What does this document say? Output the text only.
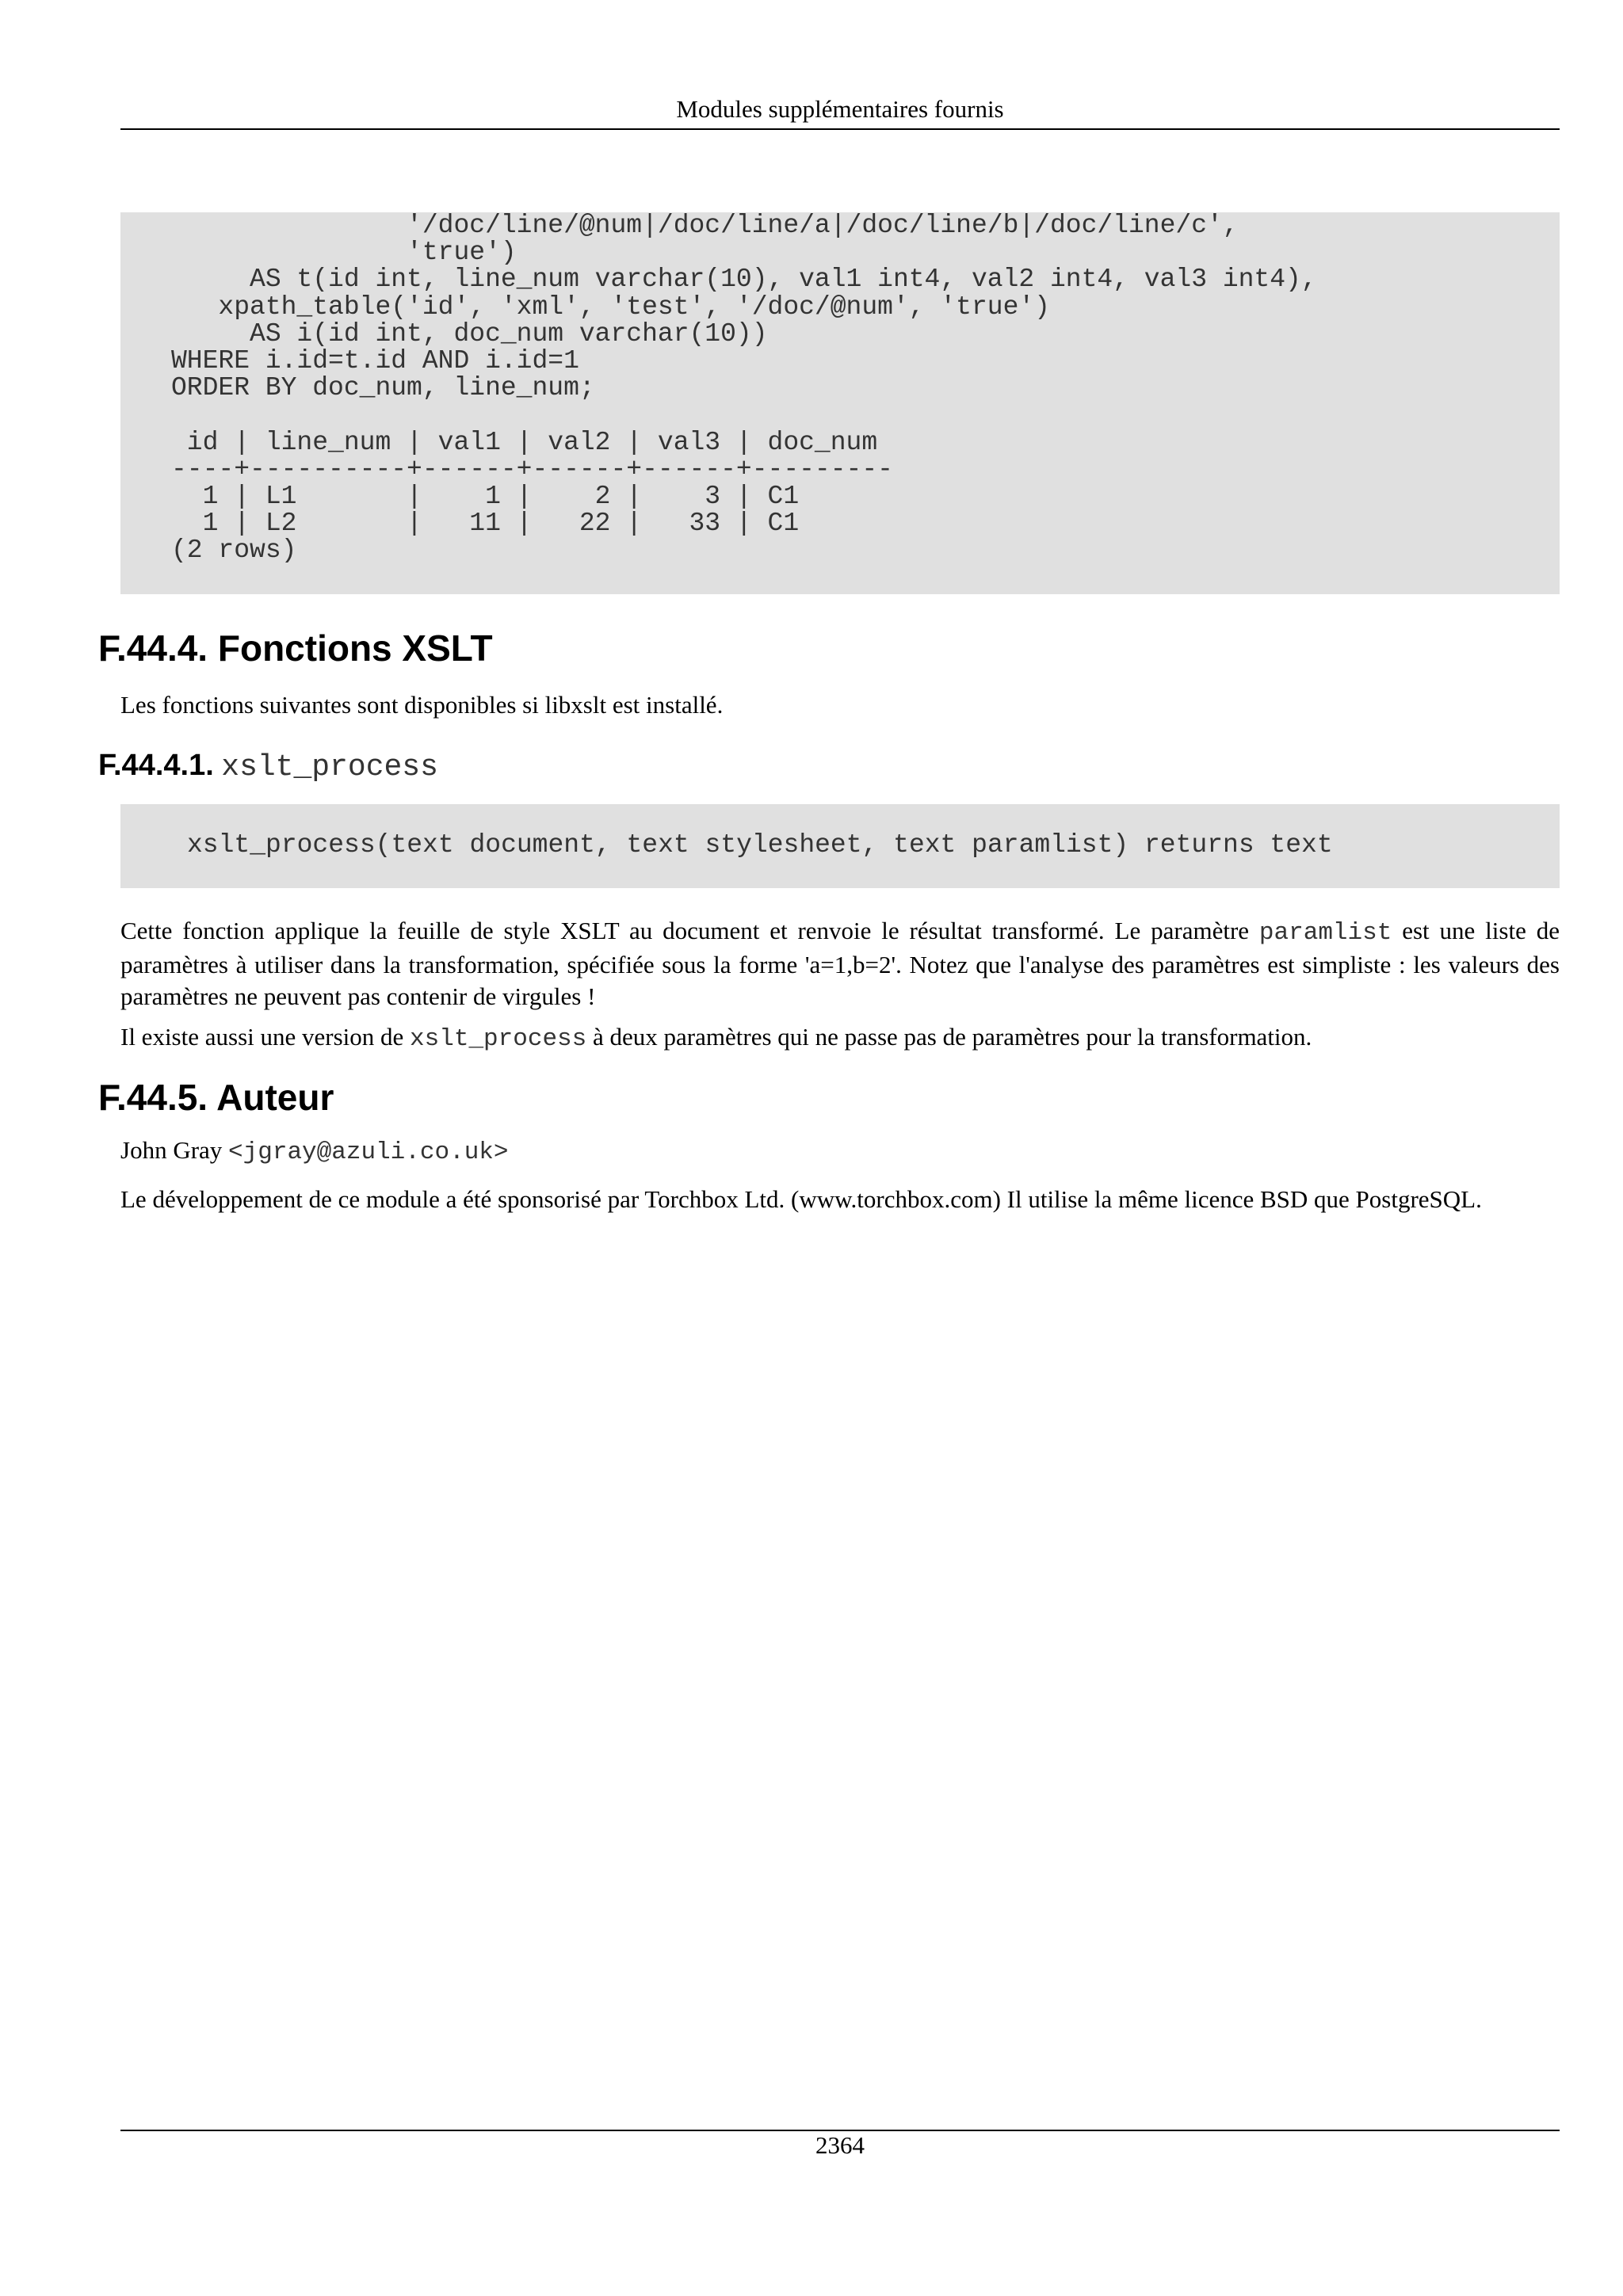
Modules supplémentaires fournis
'/doc/line/@num|/doc/line/a|/doc/line/b|/doc/line/c',
'true')
AS t(id int, line_num varchar(10), val1 int4, val2 int4, val3 int4),
xpath_table('id', 'xml', 'test', '/doc/@num', 'true')
AS i(id int, doc_num varchar(10))
WHERE i.id=t.id AND i.id=1
ORDER BY doc_num, line_num;

id | line_num | val1 | val2 | val3 | doc_num
----+----------+------+------+------+---------
1 | L1       |    1 |    2 |    3 | C1
1 | L2       |   11 |   22 |   33 | C1
(2 rows)
F.44.4. Fonctions XSLT

Les fonctions suivantes sont disponibles si libxslt est installé.

F.44.4.1. xslt_process
xslt_process(text document, text stylesheet, text paramlist) returns text

Cette fonction applique la feuille de style XSLT au document et renvoie le résultat transformé. Le paramètre paramlist est une liste de paramètres à utiliser dans la transformation, spécifiée sous la forme 'a=1,b=2'. Notez que l'analyse des paramètres est simpliste : les valeurs des paramètres ne peuvent pas contenir de virgules !

Il existe aussi une version de xslt_process à deux paramètres qui ne passe pas de paramètres pour la transformation.

F.44.5. Auteur

John Gray <jgray@azuli.co.uk>

Le développement de ce module a été sponsorisé par Torchbox Ltd. (www.torchbox.com) Il utilise la même licence BSD que PostgreSQL.

2364
